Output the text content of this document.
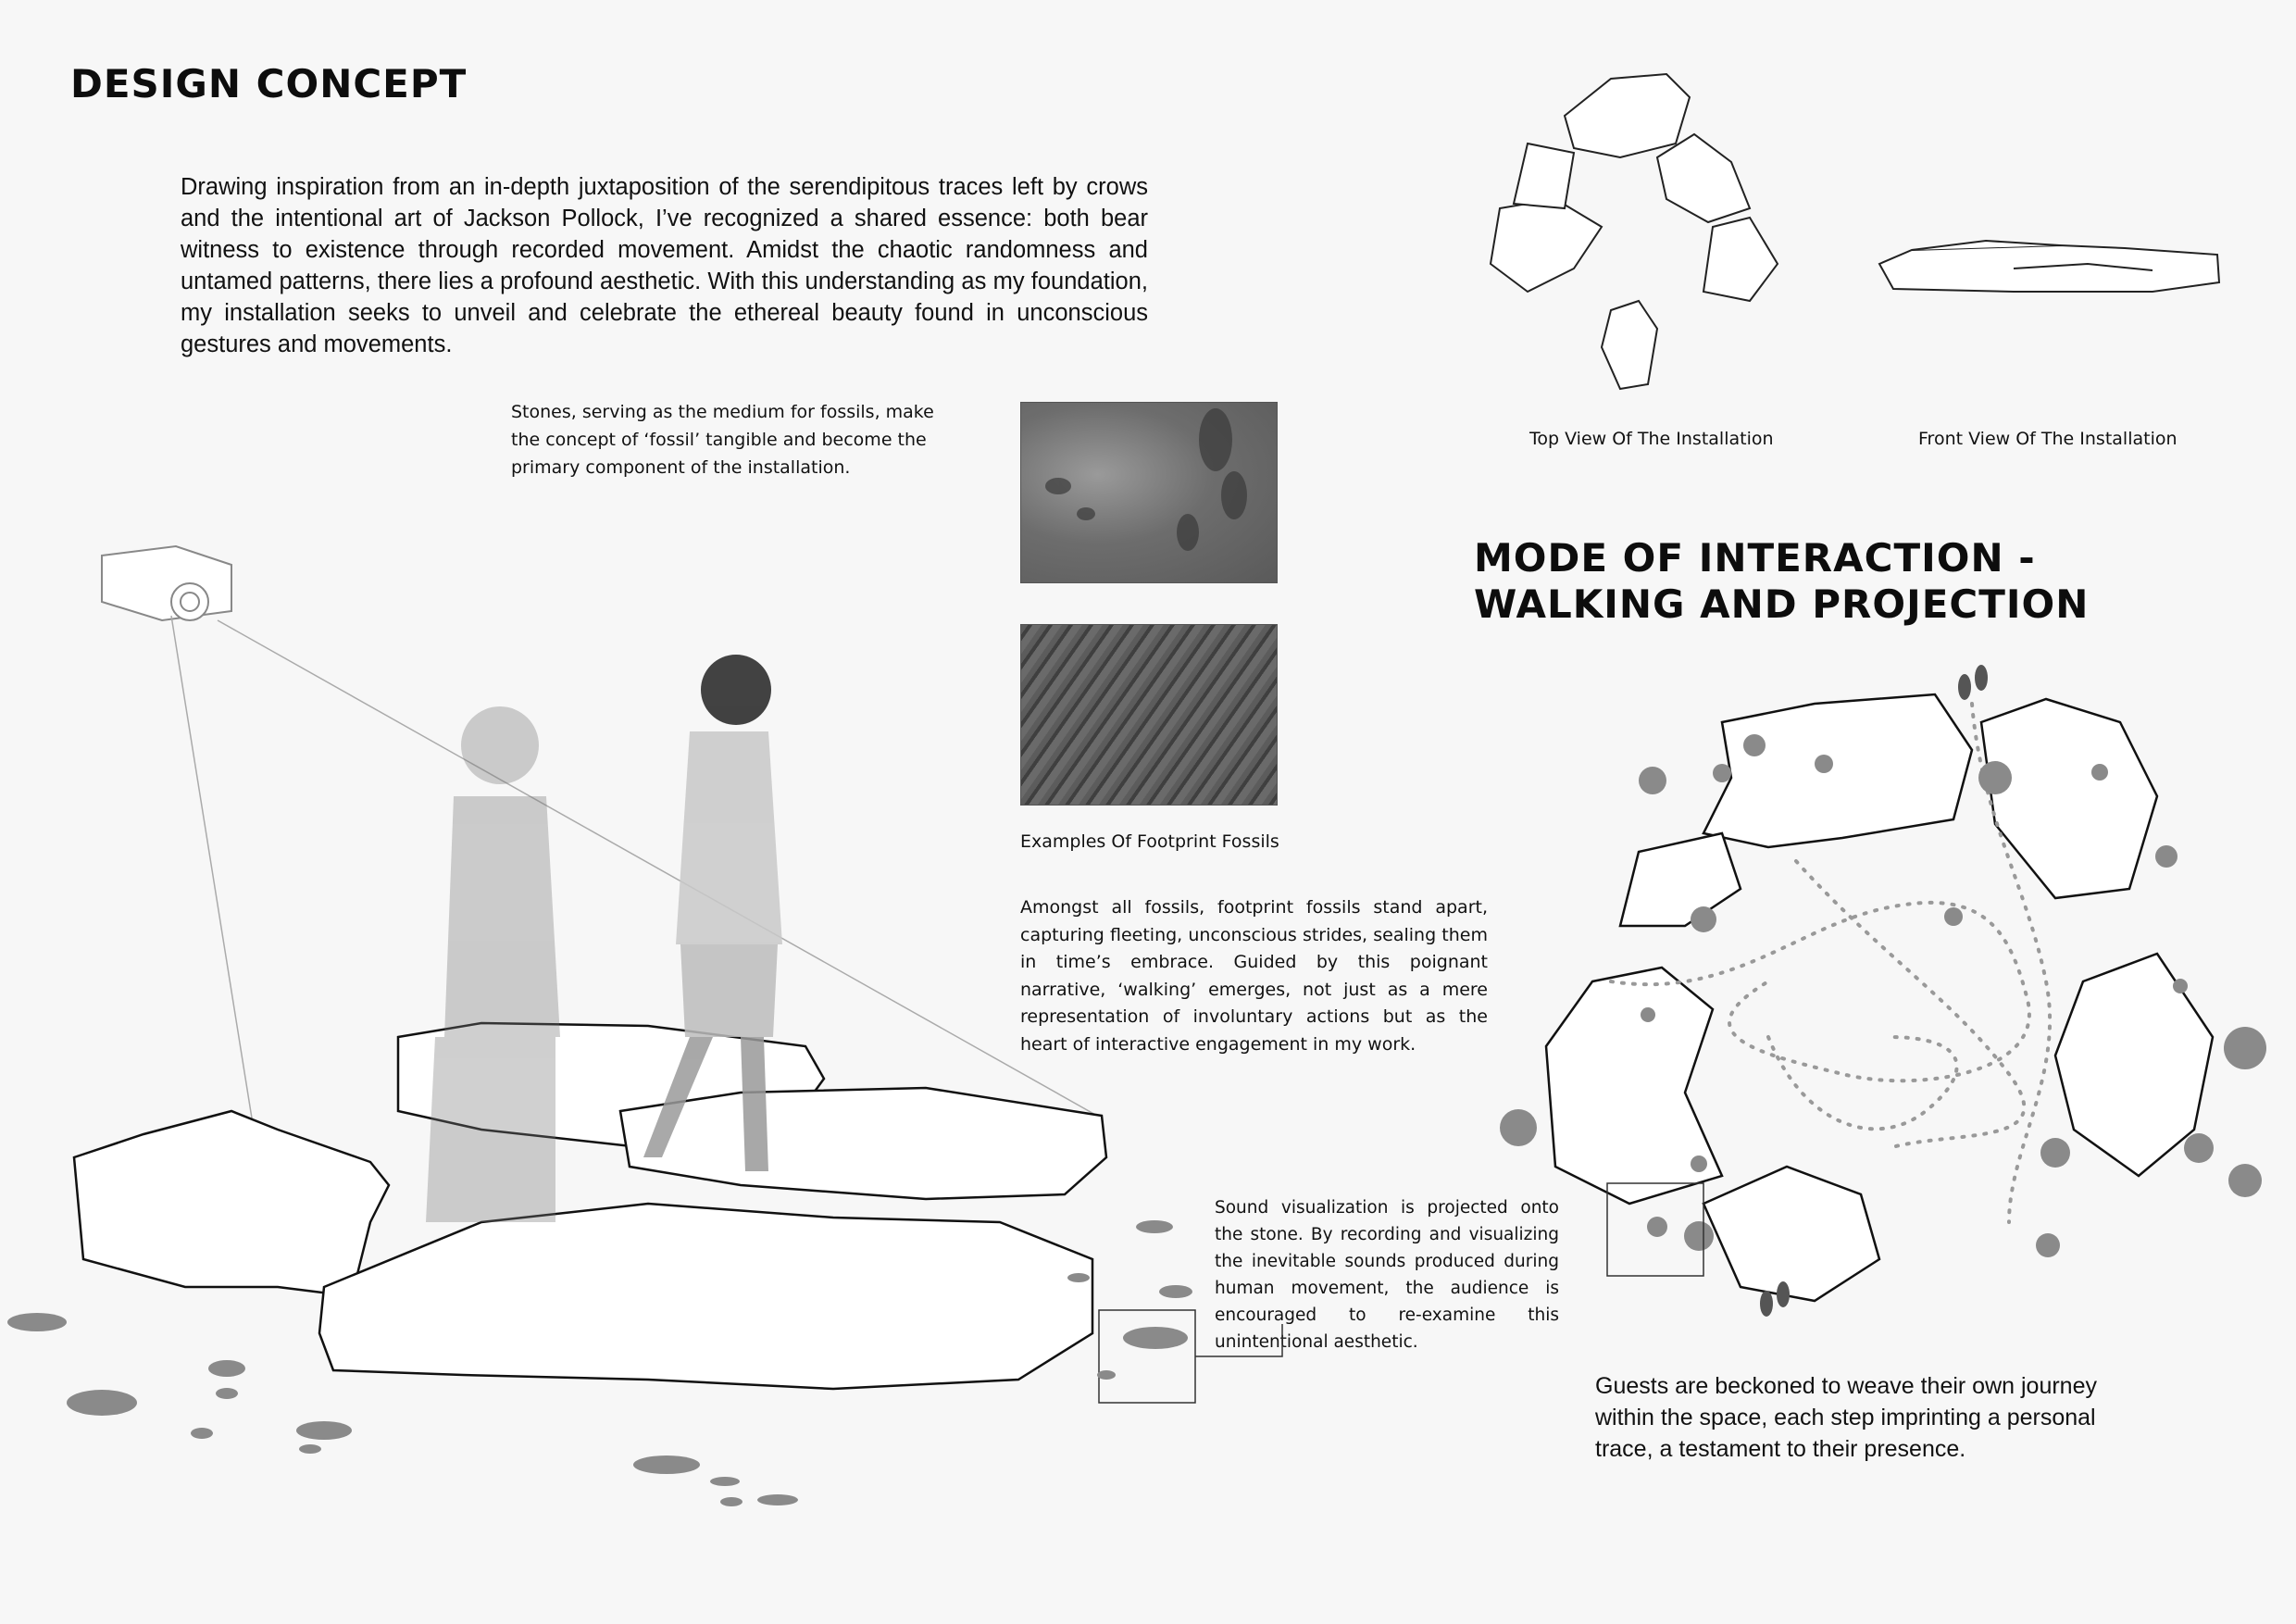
DESIGN CONCEPT
Drawing inspiration from an in-depth juxtaposition of the serendipitous traces left by crows and the intentional art of Jackson Pollock, I’ve recognized a shared essence: both bear witness to existence through recorded movement. Amidst the chaotic randomness and untamed patterns, there lies a profound aesthetic. With this understanding as my foundation, my installation seeks to unveil and celebrate the ethereal beauty found in unconscious gestures and movements.
Stones, serving as the medium for fossils, make the concept of ‘fossil’ tangible and become the primary component of the installation.
Examples Of Footprint Fossils
Amongst all fossils, footprint fossils stand apart, capturing fleeting, unconscious strides, sealing them in time’s embrace. Guided by this poignant narrative, ‘walking’ emerges, not just as a mere representation of involuntary actions but as the heart of interactive engagement in my work.
Sound visualization is projected onto the stone. By recording and visualizing the inevitable sounds produced during human movement, the audience is encouraged to re-examine this unintentional aesthetic.
Top View Of The Installation	Front View Of The Installation
MODE OF INTERACTION - WALKING AND PROJECTION
Guests are beckoned to weave their own journey within the space, each step imprinting a personal trace, a testament to their presence.
